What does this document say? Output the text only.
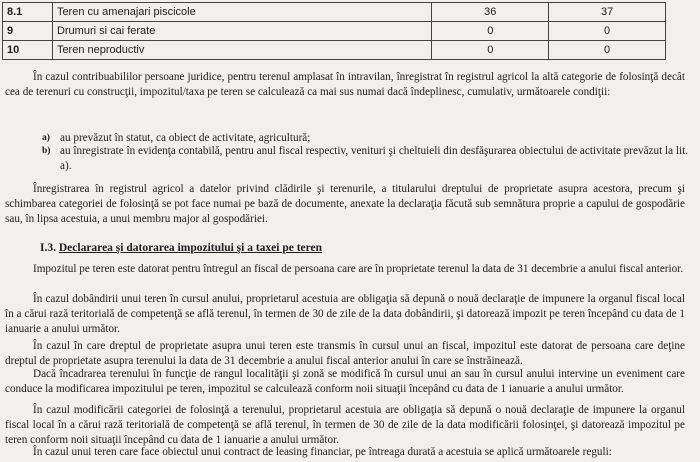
8.1	Teren cu amenajari piscicole	36	37
9	Drumuri si cai ferate	0	0
10	Teren neproductiv	0	0

În cazul contribuabililor persoane juridice, pentru terenul amplasat în intravilan, înregistrat în registrul agricol la altă categorie de folosinţă decât cea de terenuri cu construcţii, impozitul/taxa pe teren se calculează ca mai sus numai dacă îndeplinesc, cumulativ, următoarele condiţii:

a) au prevăzut în statut, ca obiect de activitate, agricultură;

b) au înregistrate în evidenţa contabilă, pentru anul fiscal respectiv, venituri şi cheltuieli din desfăşurarea obiectului de activitate prevăzut la lit. a).

Înregistrarea în registrul agricol a datelor privind clădirile şi terenurile, a titularului dreptului de proprietate asupra acestora, precum şi schimbarea categoriei de folosinţă se pot face numai pe bază de documente, anexate la declaraţia făcută sub semnătura proprie a capului de gospodărie sau, în lipsa acestuia, a unui membru major al gospodăriei.

I.3. Declararea şi datorarea impozitului şi a taxei pe teren

Impozitul pe teren este datorat pentru întregul an fiscal de persoana care are în proprietate terenul la data de 31 decembrie a anului fiscal anterior.

În cazul dobândirii unui teren în cursul anului, proprietarul acestuia are obligaţia să depună o nouă declaraţie de impunere la organul fiscal local în a cărui rază teritorială de competenţă se află terenul, în termen de 30 de zile de la data dobândirii, şi datorează impozit pe teren începând cu data de 1 ianuarie a anului următor.

În cazul în care dreptul de proprietate asupra unui teren este transmis în cursul unui an fiscal, impozitul este datorat de persoana care deţine dreptul de proprietate asupra terenului la data de 31 decembrie a anului fiscal anterior anului în care se înstrăinează.

Dacă încadrarea terenului în funcţie de rangul localităţii şi zonă se modifică în cursul unui an sau în cursul anului intervine un eveniment care conduce la modificarea impozitului pe teren, impozitul se calculează conform noii situaţii începând cu data de 1 ianuarie a anului următor.

În cazul modificării categoriei de folosinţă a terenului, proprietarul acestuia are obligaţia să depună o nouă declaraţie de impunere la organul fiscal local în a cărui rază teritorială de competenţă se află terenul, în termen de 30 de zile de la data modificării folosinţei, şi datorează impozitul pe teren conform noii situaţii începând cu data de 1 ianuarie a anului următor.

În cazul unui teren care face obiectul unui contract de leasing financiar, pe întreaga durată a acestuia se aplică următoarele reguli:
